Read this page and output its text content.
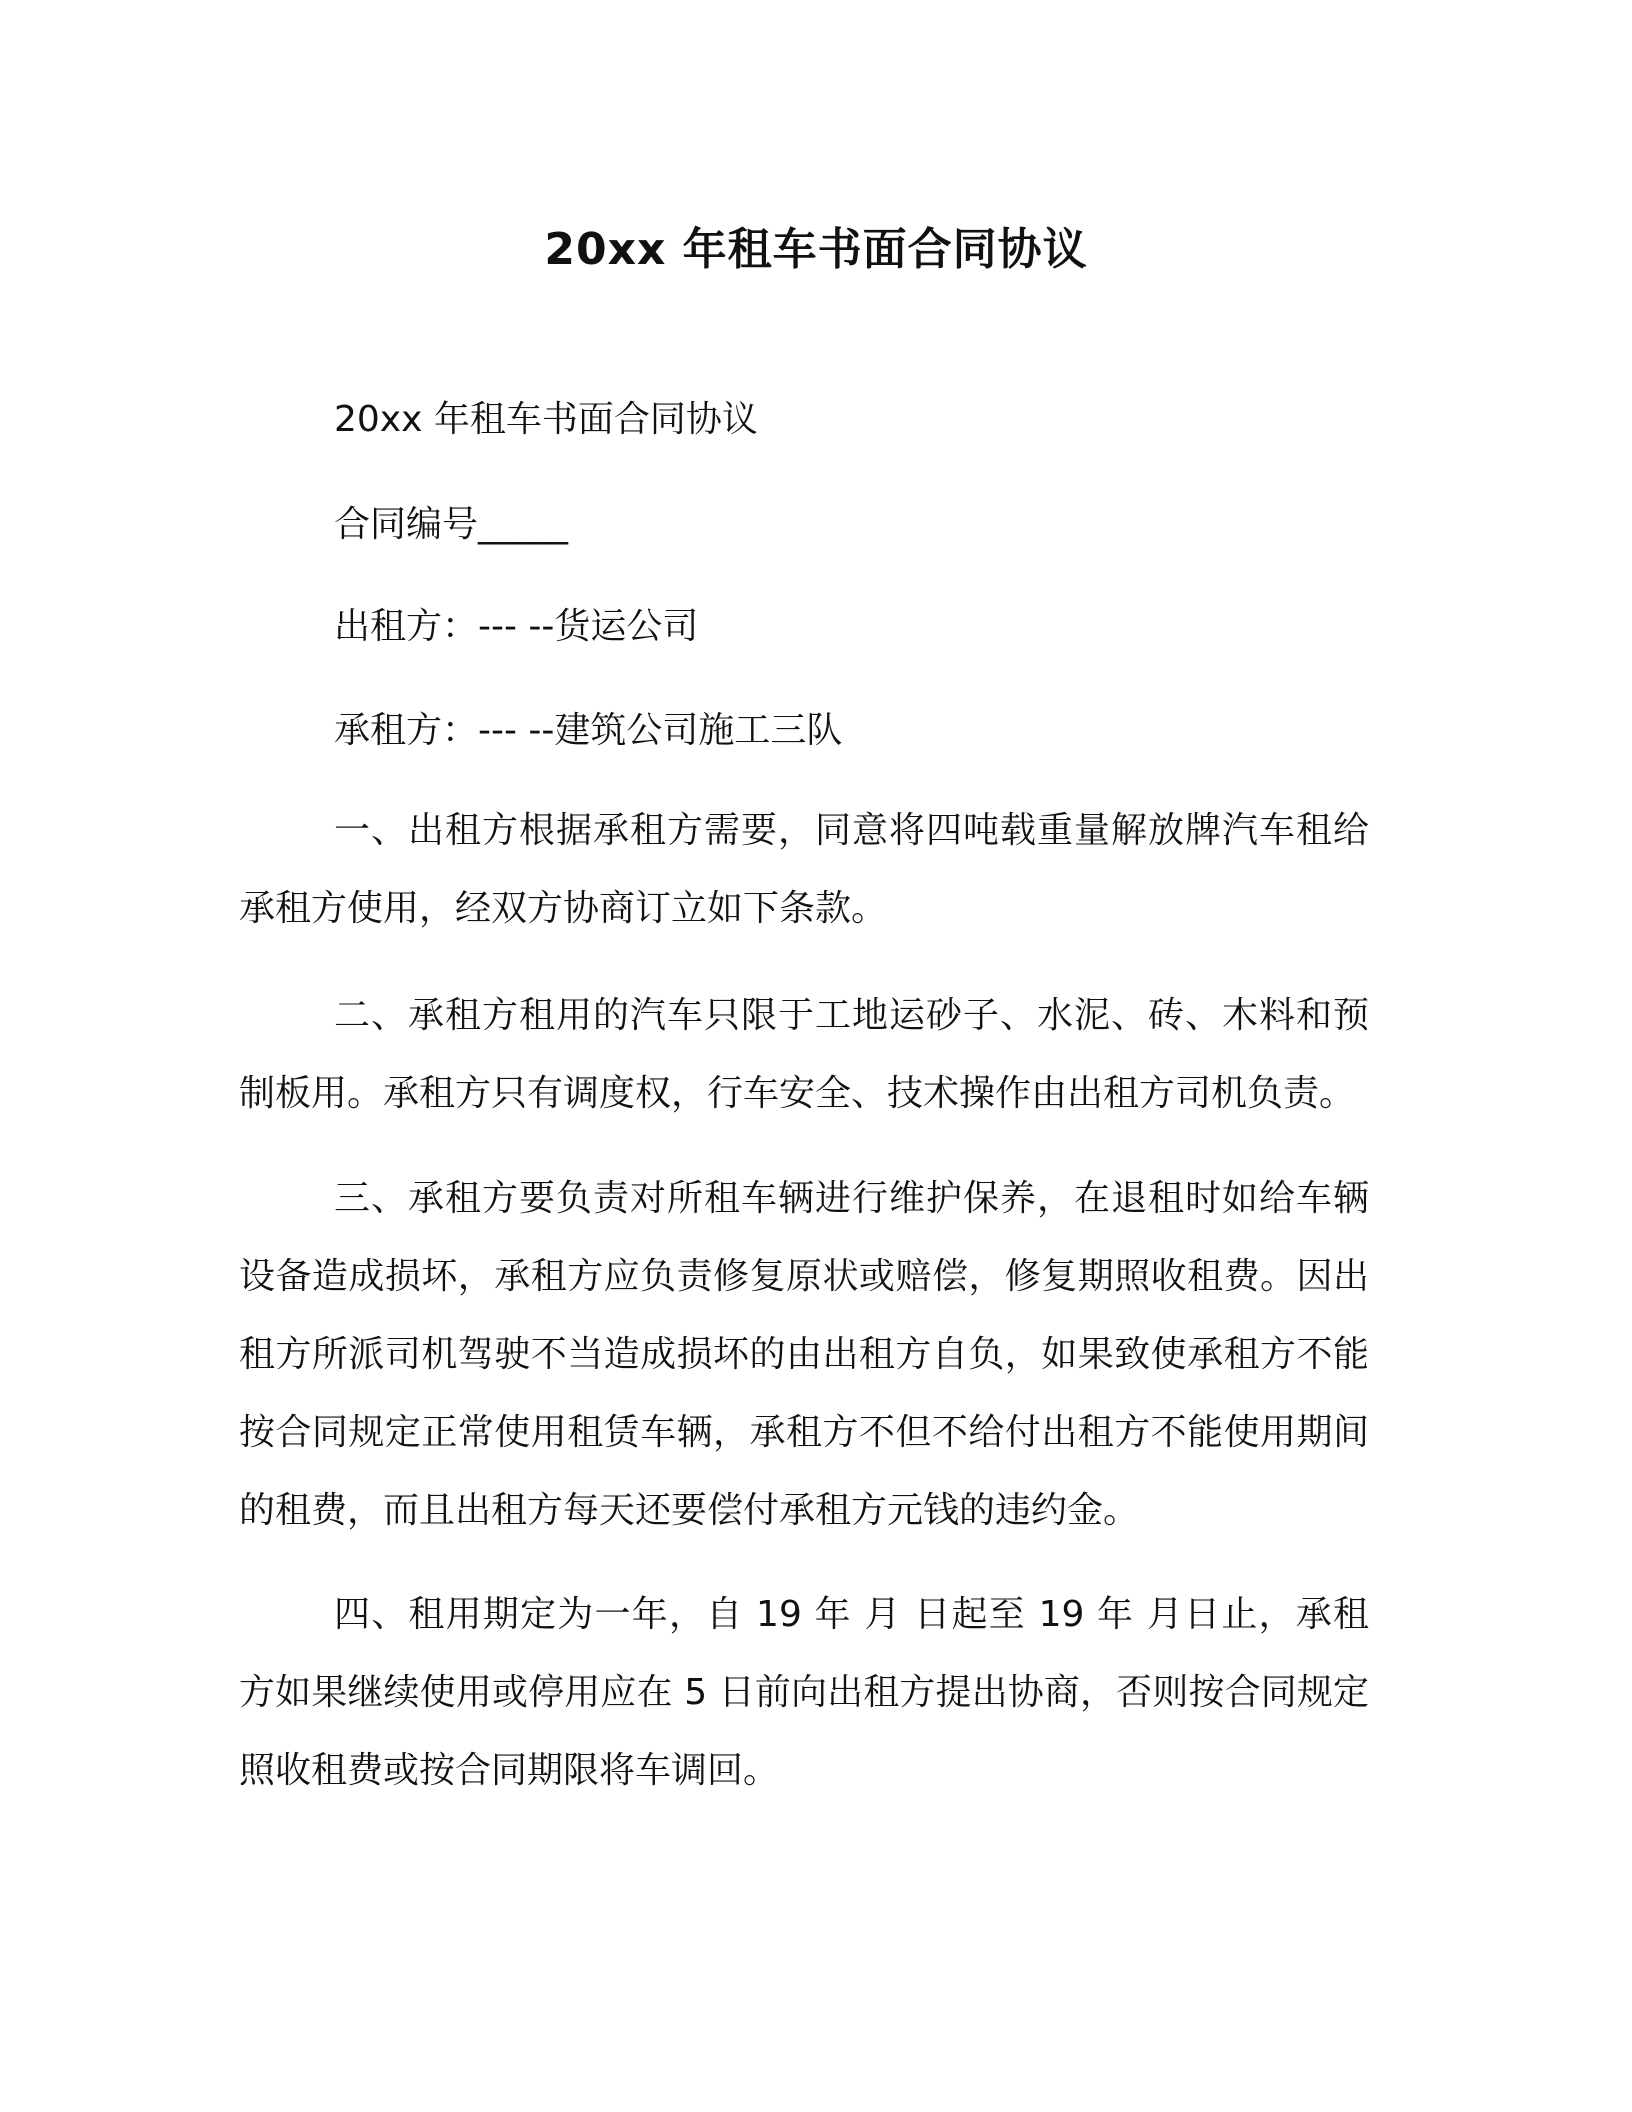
20xx 年租车书面合同协议
20xx 年租车书面合同协议
合同编号_____
出租方：--- --货运公司
承租方：--- --建筑公司施工三队

一、出租方根据承租方需要，同意将四吨载重量解放牌汽车租给承租方使用，经双方协商订立如下条款。

二、承租方租用的汽车只限于工地运砂子、水泥、砖、木料和预制板用。承租方只有调度权，行车安全、技术操作由出租方司机负责。

三、承租方要负责对所租车辆进行维护保养，在退租时如给车辆设备造成损坏，承租方应负责修复原状或赔偿，修复期照收租费。因出租方所派司机驾驶不当造成损坏的由出租方自负，如果致使承租方不能按合同规定正常使用租赁车辆，承租方不但不给付出租方不能使用期间的租费，而且出租方每天还要偿付承租方元钱的违约金。

四、租用期定为一年，自 19 年 月 日起至 19 年 月日止，承租方如果继续使用或停用应在 5 日前向出租方提出协商，否则按合同规定照收租费或按合同期限将车调回。
